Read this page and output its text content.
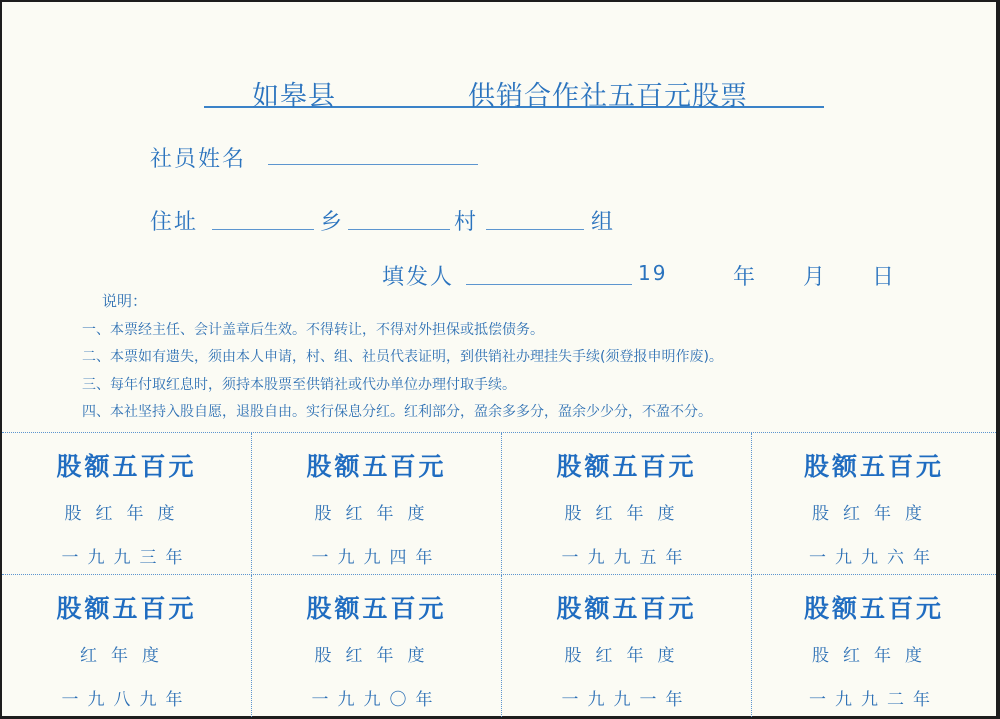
如皋县	供销合作社五百元股票
社员姓名
住址	乡	村	组
填发人	19	年 月 日
说明：
一、本票经主任、会计盖章后生效。不得转让，不得对外担保或抵偿债务。
二、本票如有遗失，须由本人申请，村、组、社员代表证明，到供销社办理挂失手续(须登报申明作废)。
三、每年付取红息时，须持本股票至供销社或代办单位办理付取手续。
四、本社坚持入股自愿，退股自由。实行保息分红。红利部分，盈余多多分，盈余少少分，不盈不分。
股额五百元
股红年度
一九九三年
股额五百元
股红年度
一九九四年
股额五百元
股红年度
一九九五年
股额五百元
股红年度
一九九六年
股额五百元
红年度
一九八九年
股额五百元
股红年度
一九九〇年
股额五百元
股红年度
一九九一年
股额五百元
股红年度
一九九二年
